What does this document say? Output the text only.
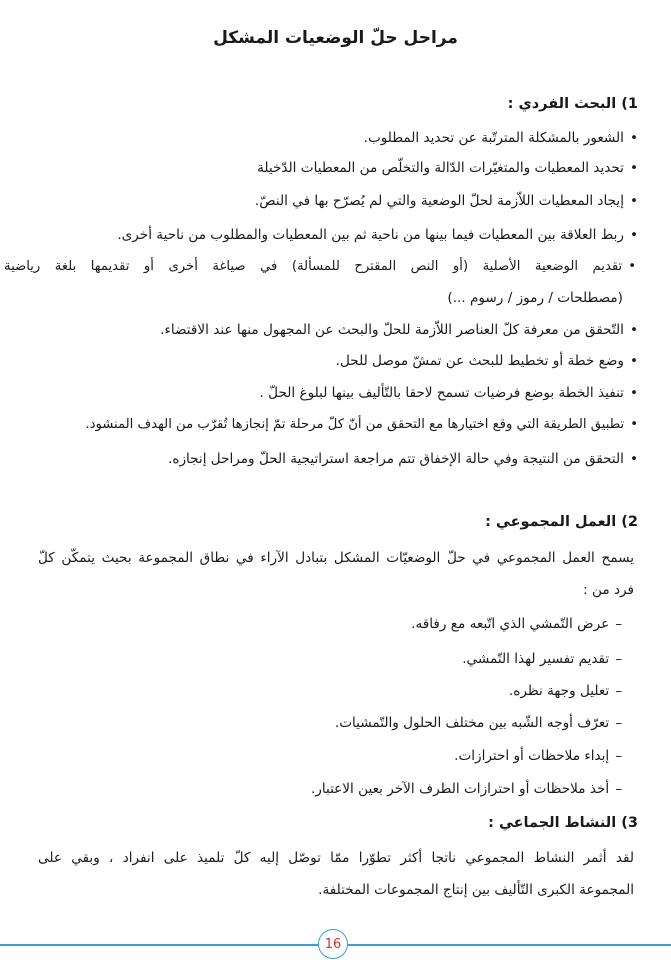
مراحل حلّ الوضعيات المشكل
1) البحث الفردي :
•الشعور بالمشكلة المترتّبة عن تحديد المطلوب.
•تحديد المعطيات والمتغيّرات الدّالة والتخلّص من المعطيات الدّخيلة
•إيجاد المعطيات اللاّزمة لحلّ الوضعية والتي لم يُصرّح بها في النصّ.
•ربط العلاقة بين المعطيات فيما بينها من ناحية ثم بين المعطيات والمطلوب من ناحية أخرى.
•تقديم الوضعية الأصلية (أو النص المقترح للمسألة) في صياغة أخرى أو تقديمها بلغة رياضية
(مصطلحات / رموز / رسوم ...)
•التّحقق من معرفة كلّ العناصر اللاّزمة للحلّ والبحث عن المجهول منها عند الاقتضاء.
•وضع خطة أو تخطيط للبحث عن تمشّ موصل للحل.
•تنفيذ الخطة بوضع فرضيات تسمح لاحقا بالتّأليف بينها لبلوغ الحلّ .
•تطبيق الطريقة التي وقع اختيارها مع التحقق من أنّ كلّ مرحلة تمّ إنجازها تُقرّب من الهدف المنشود.
•التحقق من النتيجة وفي حالة الإخفاق تتم مراجعة استراتيجية الحلّ ومراحل إنجازه.
2) العمل المجموعي :
يسمح العمل المجموعي في حلّ الوضعيّات المشكل بتبادل الآراء في نطاق المجموعة بحيث يتمكّن كلّ
فرد من :
–عرض التّمشي الذي اتّبعه مع رفاقه.
–تقديم تفسير لهذا التّمشي.
–تعليل وجهة نظره.
–تعرّف أوجه الشّبه بين مختلف الحلول والتّمشيات.
–إبداء ملاحظات أو احترازات.
–أخذ ملاحظات أو احترازات الطرف الآخر بعين الاعتبار.
3) النشاط الجماعي :
لقد أثمر النشاط المجموعي ناتجا أكثر تطوّرا ممّا توصّل إليه كلّ تلميذ على انفراد ، وبقي على
المجموعة الكبرى التّأليف بين إنتاج المجموعات المختلفة.
16
